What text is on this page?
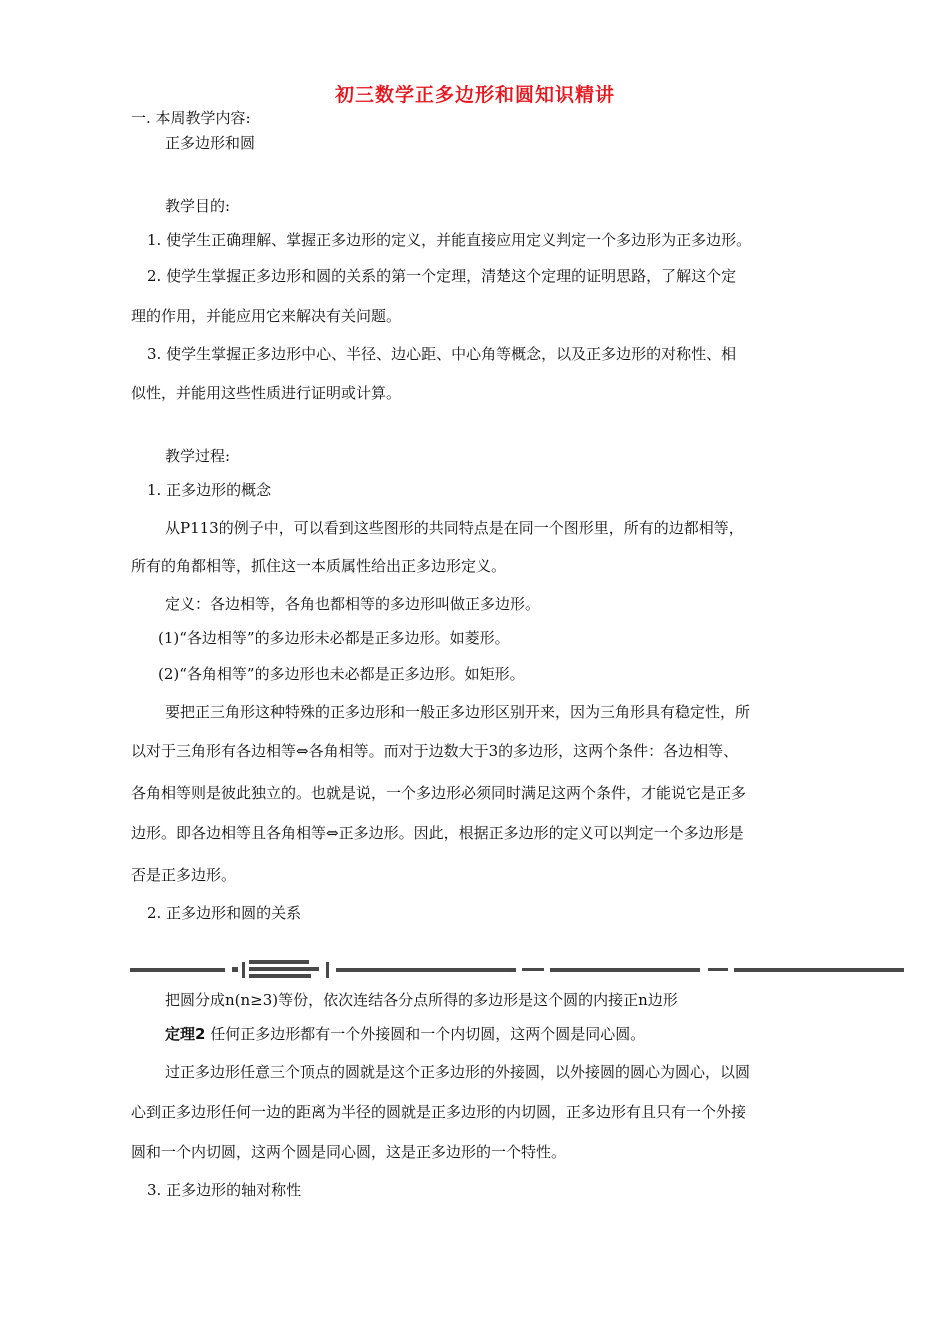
初三数学正多边形和圆知识精讲
一. 本周教学内容:
正多边形和圆
教学目的:
1. 使学生正确理解、掌握正多边形的定义，并能直接应用定义判定一个多边形为正多边形。
2. 使学生掌握正多边形和圆的关系的第一个定理，清楚这个定理的证明思路，了解这个定
理的作用，并能应用它来解决有关问题。
3. 使学生掌握正多边形中心、半径、边心距、中心角等概念，以及正多边形的对称性、相
似性，并能用这些性质进行证明或计算。
教学过程:
1. 正多边形的概念
从P113的例子中，可以看到这些图形的共同特点是在同一个图形里，所有的边都相等，
所有的角都相等，抓住这一本质属性给出正多边形定义。
定义：各边相等，各角也都相等的多边形叫做正多边形。
(1)“各边相等”的多边形未必都是正多边形。如菱形。
(2)“各角相等”的多边形也未必都是正多边形。如矩形。
要把正三角形这种特殊的正多边形和一般正多边形区别开来，因为三角形具有稳定性，所
以对于三角形有各边相等⇔各角相等。而对于边数大于3的多边形，这两个条件：各边相等、
各角相等则是彼此独立的。也就是说，一个多边形必须同时满足这两个条件，才能说它是正多
边形。即各边相等且各角相等⇔正多边形。因此，根据正多边形的定义可以判定一个多边形是
否是正多边形。
2. 正多边形和圆的关系
把圆分成n(n≥3)等份，依次连结各分点所得的多边形是这个圆的内接正n边形
定理2 任何正多边形都有一个外接圆和一个内切圆，这两个圆是同心圆。
过正多边形任意三个顶点的圆就是这个正多边形的外接圆，以外接圆的圆心为圆心，以圆
心到正多边形任何一边的距离为半径的圆就是正多边形的内切圆，正多边形有且只有一个外接
圆和一个内切圆，这两个圆是同心圆，这是正多边形的一个特性。
3. 正多边形的轴对称性
